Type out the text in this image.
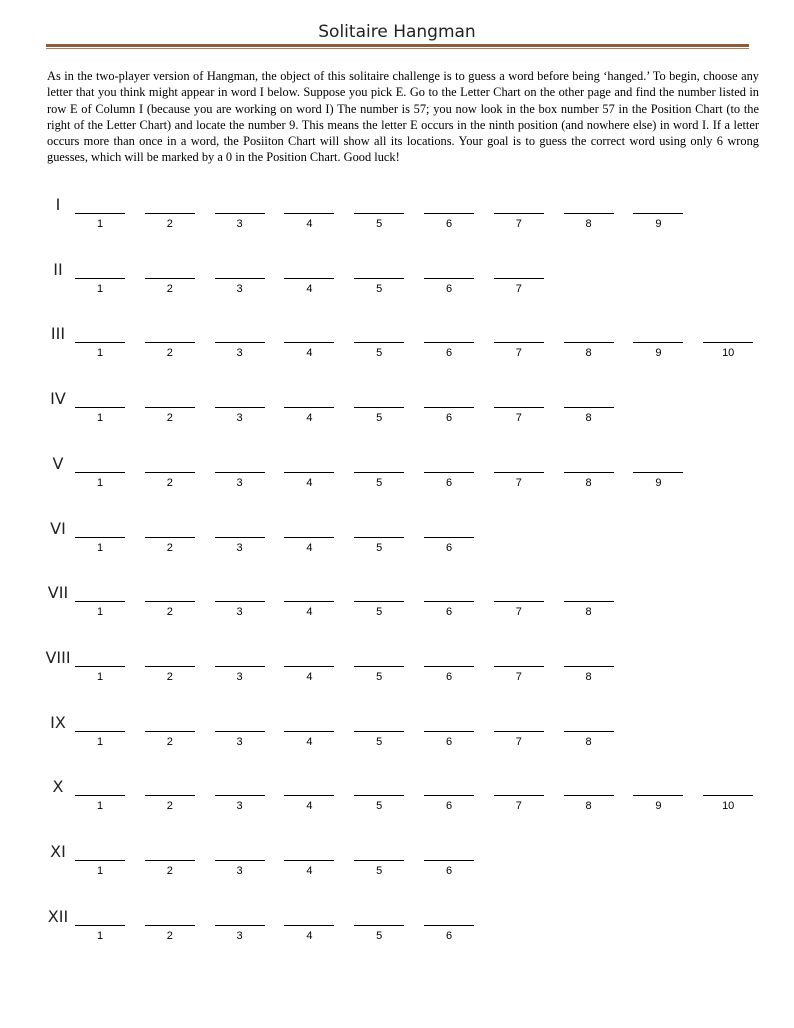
Solitaire Hangman

As in the two-player version of Hangman, the object of this solitaire challenge is to guess a word before being ‘hanged.’ To begin, choose any letter that you think might appear in word I below. Suppose you pick E. Go to the Letter Chart on the other page and find the number listed in row E of Column I (because you are working on word I) The number is 57; you now look in the box number 57 in the Position Chart (to the right of the Letter Chart) and locate the number 9. This means the letter E occurs in the ninth position (and nowhere else) in word I. If a letter occurs more than once in a word, the Posiiton Chart will show all its locations. Your goal is to guess the correct word using only 6 wrong guesses, which will be marked by a 0 in the Position Chart. Good luck!

I
1	2	3	4	5	6	7	8	9
II
1	2	3	4	5	6	7
III
1	2	3	4	5	6	7	8	9	10
IV
1	2	3	4	5	6	7	8
V
1	2	3	4	5	6	7	8	9
VI
1	2	3	4	5	6
VII
1	2	3	4	5	6	7	8
VIII
1	2	3	4	5	6	7	8
IX
1	2	3	4	5	6	7	8
X
1	2	3	4	5	6	7	8	9	10
XI
1	2	3	4	5	6
XII
1	2	3	4	5	6
